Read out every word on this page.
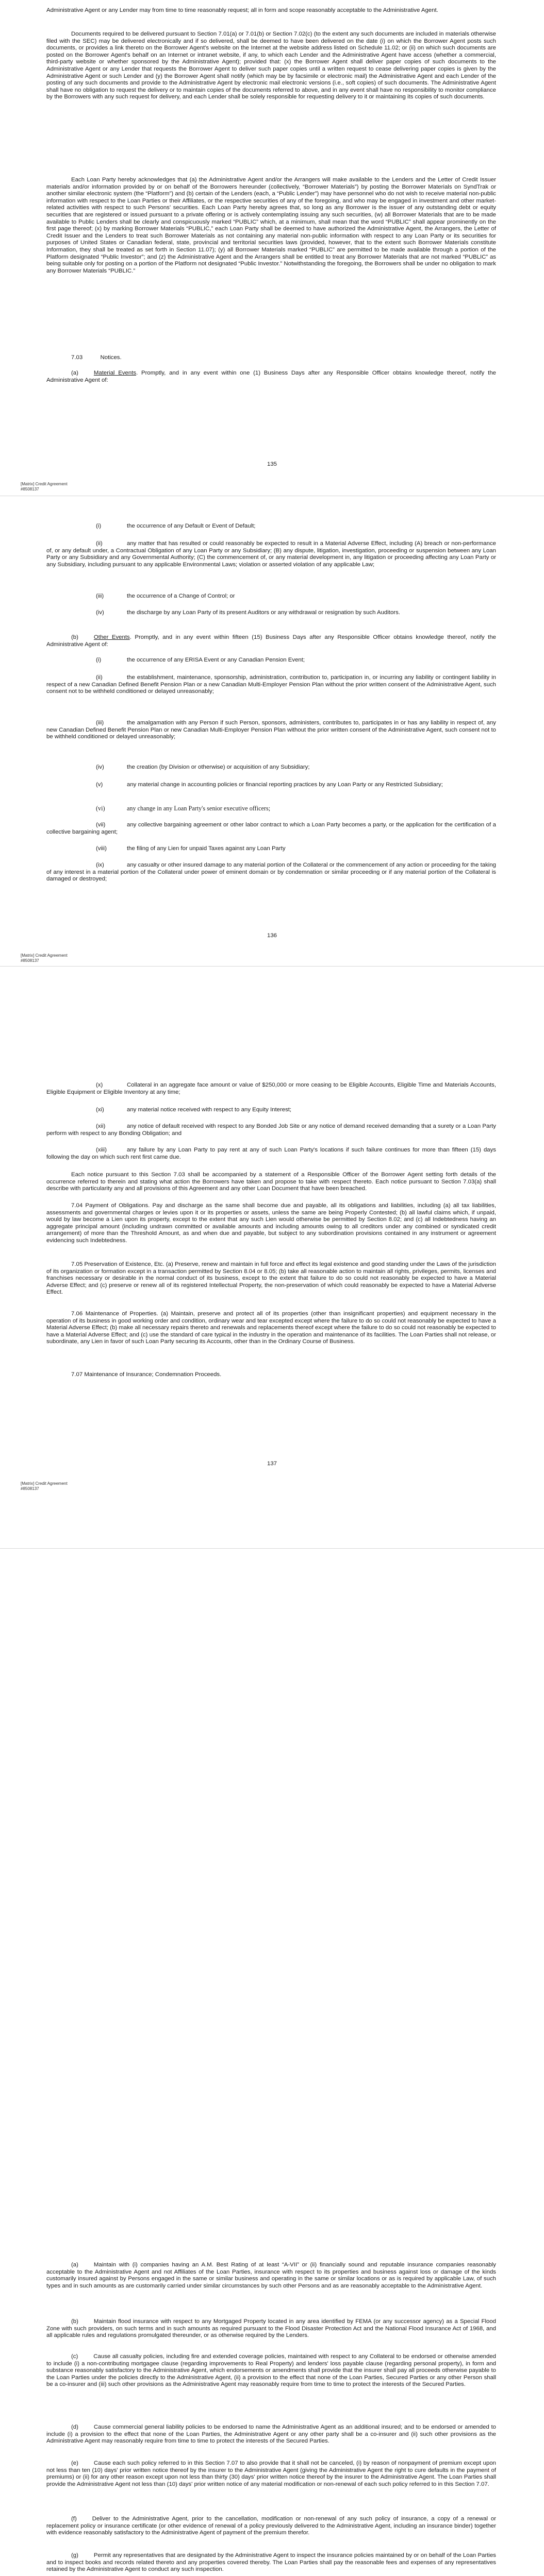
Administrative Agent or any Lender may from time to time reasonably request; all in form and scope reasonably acceptable to the Administrative Agent.

Documents required to be delivered pursuant to Section 7.01(a) or 7.01(b) or Section 7.02(c) (to the extent any such documents are included in materials otherwise filed with the SEC) may be delivered electronically and if so delivered, shall be deemed to have been delivered on the date (i) on which the Borrower Agent posts such documents, or provides a link thereto on the Borrower Agent's website on the Internet at the website address listed on Schedule 11.02; or (ii) on which such documents are posted on the Borrower Agent's behalf on an Internet or intranet website, if any, to which each Lender and the Administrative Agent have access (whether a commercial, third-party website or whether sponsored by the Administrative Agent); provided that: (x) the Borrower Agent shall deliver paper copies of such documents to the Administrative Agent or any Lender that requests the Borrower Agent to deliver such paper copies until a written request to cease delivering paper copies is given by the Administrative Agent or such Lender and (y) the Borrower Agent shall notify (which may be by facsimile or electronic mail) the Administrative Agent and each Lender of the posting of any such documents and provide to the Administrative Agent by electronic mail electronic versions (i.e., soft copies) of such documents. The Administrative Agent shall have no obligation to request the delivery or to maintain copies of the documents referred to above, and in any event shall have no responsibility to monitor compliance by the Borrowers with any such request for delivery, and each Lender shall be solely responsible for requesting delivery to it or maintaining its copies of such documents.

Each Loan Party hereby acknowledges that (a) the Administrative Agent and/or the Arrangers will make available to the Lenders and the Letter of Credit Issuer materials and/or information provided by or on behalf of the Borrowers hereunder (collectively, “Borrower Materials”) by posting the Borrower Materials on SyndTrak or another similar electronic system (the “Platform”) and (b) certain of the Lenders (each, a “Public Lender”) may have personnel who do not wish to receive material non-public information with respect to the Loan Parties or their Affiliates, or the respective securities of any of the foregoing, and who may be engaged in investment and other market-related activities with respect to such Persons' securities. Each Loan Party hereby agrees that, so long as any Borrower is the issuer of any outstanding debt or equity securities that are registered or issued pursuant to a private offering or is actively contemplating issuing any such securities, (w) all Borrower Materials that are to be made available to Public Lenders shall be clearly and conspicuously marked “PUBLIC” which, at a minimum, shall mean that the word “PUBLIC” shall appear prominently on the first page thereof; (x) by marking Borrower Materials “PUBLIC,” each Loan Party shall be deemed to have authorized the Administrative Agent, the Arrangers, the Letter of Credit Issuer and the Lenders to treat such Borrower Materials as not containing any material non-public information with respect to any Loan Party or its securities for purposes of United States or Canadian federal, state, provincial and territorial securities laws (provided, however, that to the extent such Borrower Materials constitute Information, they shall be treated as set forth in Section 11.07); (y) all Borrower Materials marked “PUBLIC” are permitted to be made available through a portion of the Platform designated “Public Investor”; and (z) the Administrative Agent and the Arrangers shall be entitled to treat any Borrower Materials that are not marked “PUBLIC” as being suitable only for posting on a portion of the Platform not designated “Public Investor.” Notwithstanding the foregoing, the Borrowers shall be under no obligation to mark any Borrower Materials “PUBLIC.”

7.03	Notices.

(a)	Material Events. Promptly, and in any event within one (1) Business Days after any Responsible Officer obtains knowledge thereof, notify the Administrative Agent of:

135
[Matrix] Credit Agreement
#8508137

(i)	the occurrence of any Default or Event of Default;

(ii)	any matter that has resulted or could reasonably be expected to result in a Material Adverse Effect, including (A) breach or non-performance of, or any default under, a Contractual Obligation of any Loan Party or any Subsidiary; (B) any dispute, litigation, investigation, proceeding or suspension between any Loan Party or any Subsidiary and any Governmental Authority; (C) the commencement of, or any material development in, any litigation or proceeding affecting any Loan Party or any Subsidiary, including pursuant to any applicable Environmental Laws; violation or asserted violation of any applicable Law;

(iii)	the occurrence of a Change of Control; or

(iv)	the discharge by any Loan Party of its present Auditors or any withdrawal or resignation by such Auditors.

(b)	Other Events. Promptly, and in any event within fifteen (15) Business Days after any Responsible Officer obtains knowledge thereof, notify the Administrative Agent of:

(i)	the occurrence of any ERISA Event or any Canadian Pension Event;

(ii)	the establishment, maintenance, sponsorship, administration, contribution to, participation in, or incurring any liability or contingent liability in respect of a new Canadian Defined Benefit Pension Plan or a new Canadian Multi-Employer Pension Plan without the prior written consent of the Administrative Agent, such consent not to be withheld conditioned or delayed unreasonably;

(iii)	the amalgamation with any Person if such Person, sponsors, administers, contributes to, participates in or has any liability in respect of, any new Canadian Defined Benefit Pension Plan or new Canadian Multi-Employer Pension Plan without the prior written consent of the Administrative Agent, such consent not to be withheld conditioned or delayed unreasonably;

(iv)	the creation (by Division or otherwise) or acquisition of any Subsidiary;

(v)	any material change in accounting policies or financial reporting practices by any Loan Party or any Restricted Subsidiary;

(vi)	any change in any Loan Party's senior executive officers;

(vii)	any collective bargaining agreement or other labor contract to which a Loan Party becomes a party, or the application for the certification of a collective bargaining agent;

(viii)	the filing of any Lien for unpaid Taxes against any Loan Party

(ix)	any casualty or other insured damage to any material portion of the Collateral or the commencement of any action or proceeding for the taking of any interest in a material portion of the Collateral under power of eminent domain or by condemnation or similar proceeding or if any material portion of the Collateral is damaged or destroyed;

136
[Matrix] Credit Agreement
#8508137

(x)	Collateral in an aggregate face amount or value of $250,000 or more ceasing to be Eligible Accounts, Eligible Time and Materials Accounts, Eligible Equipment or Eligible Inventory at any time;

(xi)	any material notice received with respect to any Equity Interest;

(xii)	any notice of default received with respect to any Bonded Job Site or any notice of demand received demanding that a surety or a Loan Party perform with respect to any Bonding Obligation; and

(xiii)	any failure by any Loan Party to pay rent at any of such Loan Party's locations if such failure continues for more than fifteen (15) days following the day on which such rent first came due.

Each notice pursuant to this Section 7.03 shall be accompanied by a statement of a Responsible Officer of the Borrower Agent setting forth details of the occurrence referred to therein and stating what action the Borrowers have taken and propose to take with respect thereto. Each notice pursuant to Section 7.03(a) shall describe with particularity any and all provisions of this Agreement and any other Loan Document that have been breached.

7.04 Payment of Obligations. Pay and discharge as the same shall become due and payable, all its obligations and liabilities, including (a) all tax liabilities, assessments and governmental charges or levies upon it or its properties or assets, unless the same are being Properly Contested; (b) all lawful claims which, if unpaid, would by law become a Lien upon its property, except to the extent that any such Lien would otherwise be permitted by Section 8.02; and (c) all Indebtedness having an aggregate principal amount (including undrawn committed or available amounts and including amounts owing to all creditors under any combined or syndicated credit arrangement) of more than the Threshold Amount, as and when due and payable, but subject to any subordination provisions contained in any instrument or agreement evidencing such Indebtedness.

7.05 Preservation of Existence, Etc. (a) Preserve, renew and maintain in full force and effect its legal existence and good standing under the Laws of the jurisdiction of its organization or formation except in a transaction permitted by Section 8.04 or 8.05; (b) take all reasonable action to maintain all rights, privileges, permits, licenses and franchises necessary or desirable in the normal conduct of its business, except to the extent that failure to do so could not reasonably be expected to have a Material Adverse Effect; and (c) preserve or renew all of its registered Intellectual Property, the non-preservation of which could reasonably be expected to have a Material Adverse Effect.

7.06 Maintenance of Properties. (a) Maintain, preserve and protect all of its properties (other than insignificant properties) and equipment necessary in the operation of its business in good working order and condition, ordinary wear and tear excepted except where the failure to do so could not reasonably be expected to have a Material Adverse Effect; (b) make all necessary repairs thereto and renewals and replacements thereof except where the failure to do so could not reasonably be expected to have a Material Adverse Effect; and (c) use the standard of care typical in the industry in the operation and maintenance of its facilities. The Loan Parties shall not release, or subordinate, any Lien in favor of such Loan Party securing its Accounts, other than in the Ordinary Course of Business.

7.07 Maintenance of Insurance; Condemnation Proceeds.

137
[Matrix] Credit Agreement
#8508137

(a)	Maintain with (i) companies having an A.M. Best Rating of at least “A-VII” or (ii) financially sound and reputable insurance companies reasonably acceptable to the Administrative Agent and not Affiliates of the Loan Parties, insurance with respect to its properties and business against loss or damage of the kinds customarily insured against by Persons engaged in the same or similar business and operating in the same or similar locations or as is required by applicable Law, of such types and in such amounts as are customarily carried under similar circumstances by such other Persons and as are reasonably acceptable to the Administrative Agent.

(b)	Maintain flood insurance with respect to any Mortgaged Property located in any area identified by FEMA (or any successor agency) as a Special Flood Zone with such providers, on such terms and in such amounts as required pursuant to the Flood Disaster Protection Act and the National Flood Insurance Act of 1968, and all applicable rules and regulations promulgated thereunder, or as otherwise required by the Lenders.

(c)	Cause all casualty policies, including fire and extended coverage policies, maintained with respect to any Collateral to be endorsed or otherwise amended to include (i) a non-contributing mortgagee clause (regarding improvements to Real Property) and lenders' loss payable clause (regarding personal property), in form and substance reasonably satisfactory to the Administrative Agent, which endorsements or amendments shall provide that the insurer shall pay all proceeds otherwise payable to the Loan Parties under the policies directly to the Administrative Agent, (ii) a provision to the effect that none of the Loan Parties, Secured Parties or any other Person shall be a co-insurer and (iii) such other provisions as the Administrative Agent may reasonably require from time to time to protect the interests of the Secured Parties.

(d)	Cause commercial general liability policies to be endorsed to name the Administrative Agent as an additional insured; and to be endorsed or amended to include (i) a provision to the effect that none of the Loan Parties, the Administrative Agent or any other party shall be a co-insurer and (ii) such other provisions as the Administrative Agent may reasonably require from time to time to protect the interests of the Secured Parties.

(e)	Cause each such policy referred to in this Section 7.07 to also provide that it shall not be canceled, (i) by reason of nonpayment of premium except upon not less than ten (10) days' prior written notice thereof by the insurer to the Administrative Agent (giving the Administrative Agent the right to cure defaults in the payment of premiums) or (ii) for any other reason except upon not less than thirty (30) days' prior written notice thereof by the insurer to the Administrative Agent. The Loan Parties shall provide the Administrative Agent not less than (10) days' prior written notice of any material modification or non-renewal of each such policy referred to in this Section 7.07.

(f)	Deliver to the Administrative Agent, prior to the cancellation, modification or non-renewal of any such policy of insurance, a copy of a renewal or replacement policy or insurance certificate (or other evidence of renewal of a policy previously delivered to the Administrative Agent, including an insurance binder) together with evidence reasonably satisfactory to the Administrative Agent of payment of the premium therefor.

(g)	Permit any representatives that are designated by the Administrative Agent to inspect the insurance policies maintained by or on behalf of the Loan Parties and to inspect books and records related thereto and any properties covered thereby. The Loan Parties shall pay the reasonable fees and expenses of any representatives retained by the Administrative Agent to conduct any such inspection.
